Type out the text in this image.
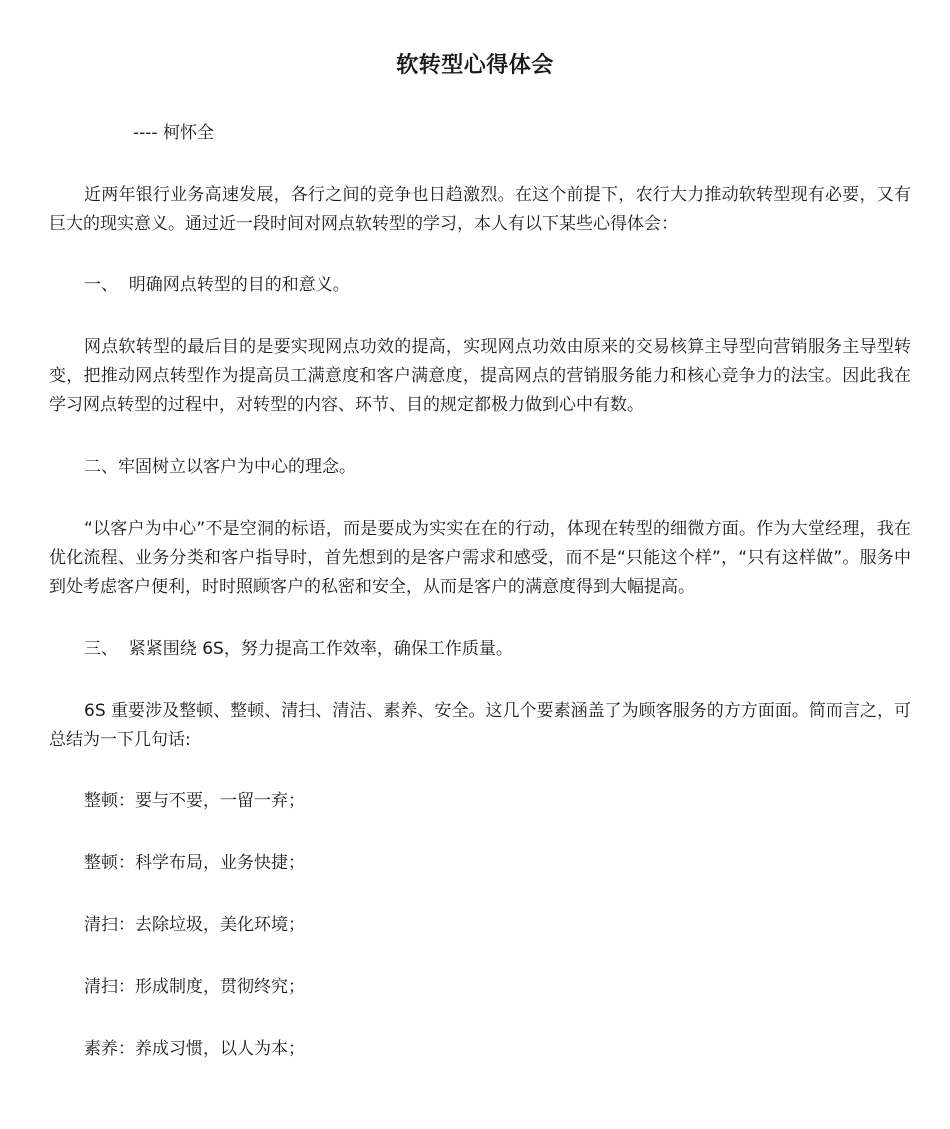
软转型心得体会
---- 柯怀全

近两年银行业务高速发展，各行之间的竞争也日趋激烈。在这个前提下，农行大力推动软转型现有必要，又有巨大的现实意义。通过近一段时间对网点软转型的学习，本人有以下某些心得体会：

一、  明确网点转型的目的和意义。

网点软转型的最后目的是要实现网点功效的提高，实现网点功效由原来的交易核算主导型向营销服务主导型转变，把推动网点转型作为提高员工满意度和客户满意度，提高网点的营销服务能力和核心竞争力的法宝。因此我在学习网点转型的过程中，对转型的内容、环节、目的规定都极力做到心中有数。

二、牢固树立以客户为中心的理念。

“以客户为中心”不是空洞的标语，而是要成为实实在在的行动，体现在转型的细微方面。作为大堂经理，我在优化流程、业务分类和客户指导时，首先想到的是客户需求和感受，而不是“只能这个样”，“只有这样做”。服务中到处考虑客户便利，时时照顾客户的私密和安全，从而是客户的满意度得到大幅提高。

三、  紧紧围绕 6S，努力提高工作效率，确保工作质量。

6S 重要涉及整顿、整顿、清扫、清洁、素养、安全。这几个要素涵盖了为顾客服务的方方面面。简而言之，可总结为一下几句话:

整顿：要与不要，一留一弃；
整顿：科学布局，业务快捷；
清扫：去除垃圾，美化环境；
清扫：形成制度，贯彻终究；
素养：养成习惯，以人为本；
